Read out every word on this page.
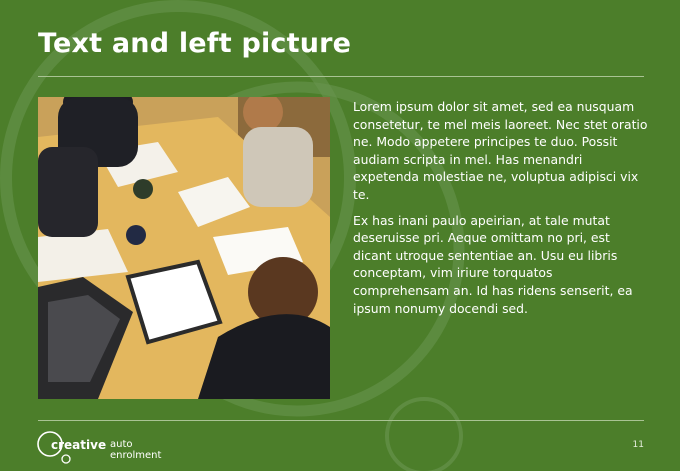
Text and left picture

Lorem ipsum dolor sit amet, sed ea nusquam consetetur, te mel meis laoreet. Nec stet oratio ne. Modo appetere principes te duo. Possit audiam scripta in mel. Has menandri expetenda molestiae ne, voluptua adipisci vix te.

Ex has inani paulo apeirian, at tale mutat deseruisse pri. Aeque omittam no pri, est dicant utroque sententiae an. Usu eu libris conceptam, vim iriure torquatos comprehensam an. Id has ridens senserit, ea ipsum nonumy docendi sed.

creative auto enrolment
11
